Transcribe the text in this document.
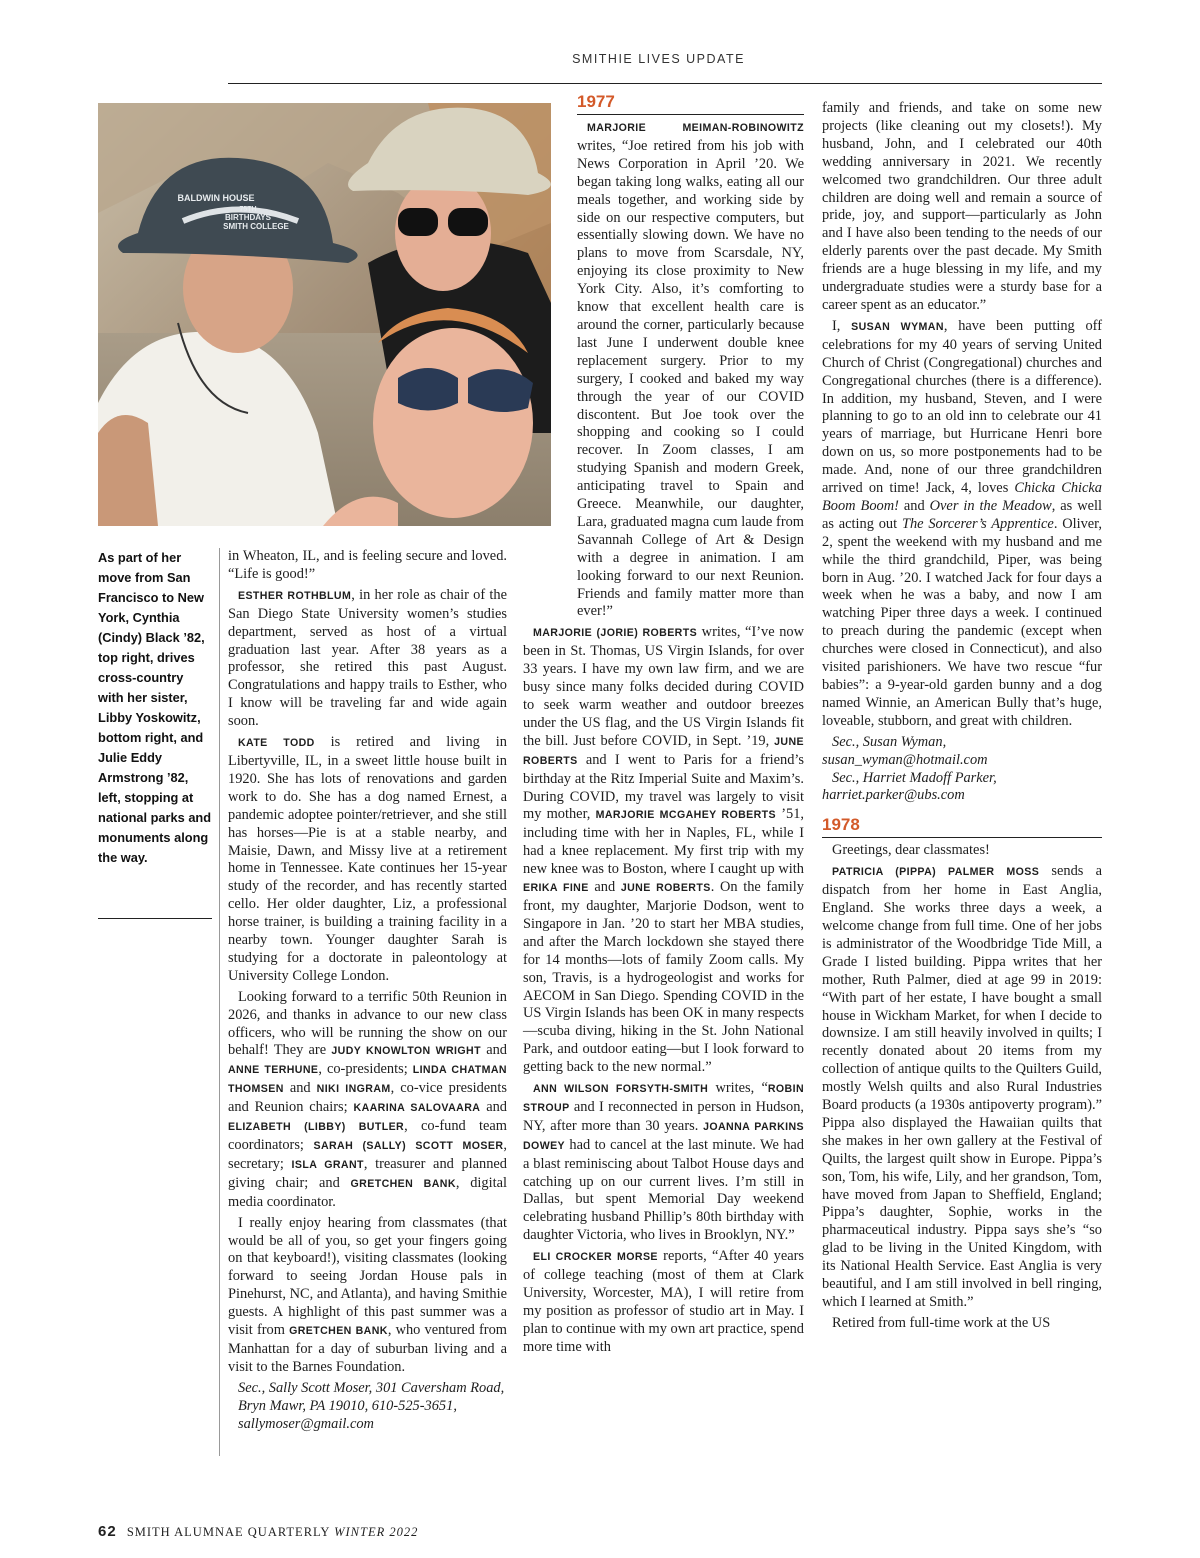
SMITHIE LIVES UPDATE
BALDWIN HOUSE
75TH
BIRTHDAYS
SMITH COLLEGE
As part of her move from San Francisco to New York, Cynthia (Cindy) Black ’82, top right, drives cross-country with her sister, Libby Yoskowitz, bottom right, and Julie Eddy Armstrong ’82, left, stopping at national parks and monuments along the way.

in Wheaton, IL, and is feeling secure and loved. “Life is good!”

ESTHER ROTHBLUM, in her role as chair of the San Diego State University women’s studies department, served as host of a virtual graduation last year. After 38 years as a professor, she retired this past August. Congratulations and happy trails to Esther, who I know will be traveling far and wide again soon.

KATE TODD is retired and living in Libertyville, IL, in a sweet little house built in 1920. She has lots of renovations and garden work to do. She has a dog named Ernest, a pandemic adoptee pointer/retriever, and she still has horses—Pie is at a stable nearby, and Maisie, Dawn, and Missy live at a retirement home in Tennessee. Kate continues her 15-year study of the recorder, and has recently started cello. Her older daughter, Liz, a professional horse trainer, is building a training facility in a nearby town. Younger daughter Sarah is studying for a doctorate in paleontology at University College London.

Looking forward to a terrific 50th Reunion in 2026, and thanks in advance to our new class officers, who will be running the show on our behalf! They are JUDY KNOWLTON WRIGHT and ANNE TERHUNE, co-presidents; LINDA CHATMAN THOMSEN and NIKI INGRAM, co-vice presidents and Reunion chairs; KAARINA SALOVAARA and ELIZABETH (LIBBY) BUTLER, co-fund team coordinators; SARAH (SALLY) SCOTT MOSER, secretary; ISLA GRANT, treasurer and planned giving chair; and GRETCHEN BANK, digital media coordinator.

I really enjoy hearing from classmates (that would be all of you, so get your fingers going on that keyboard!), visiting classmates (looking forward to seeing Jordan House pals in Pinehurst, NC, and Atlanta), and having Smithie guests. A highlight of this past summer was a visit from GRETCHEN BANK, who ventured from Manhattan for a day of suburban living and a visit to the Barnes Foundation.

Sec., Sally Scott Moser, 301 Caversham Road, Bryn Mawr, PA 19010, 610-525-3651, sallymoser@gmail.com

1977

MARJORIE MEIMAN-ROBINOWITZ writes, “Joe retired from his job with News Corporation in April ’20. We began taking long walks, eating all our meals together, and working side by side on our respective computers, but essentially slowing down. We have no plans to move from Scarsdale, NY, enjoying its close proximity to New York City. Also, it’s comforting to know that excellent health care is around the corner, particularly because last June I underwent double knee replacement surgery. Prior to my surgery, I cooked and baked my way through the year of our COVID discontent. But Joe took over the shopping and cooking so I could recover. In Zoom classes, I am studying Spanish and modern Greek, anticipating travel to Spain and Greece. Meanwhile, our daughter, Lara, graduated magna cum laude from Savannah College of Art & Design with a degree in animation. I am looking forward to our next Reunion. Friends and family matter more than ever!”

MARJORIE (JORIE) ROBERTS writes, “I’ve now been in St. Thomas, US Virgin Islands, for over 33 years. I have my own law firm, and we are busy since many folks decided during COVID to seek warm weather and outdoor breezes under the US flag, and the US Virgin Islands fit the bill. Just before COVID, in Sept. ’19, JUNE ROBERTS and I went to Paris for a friend’s birthday at the Ritz Imperial Suite and Maxim’s. During COVID, my travel was largely to visit my mother, MARJORIE MCGAHEY ROBERTS ’51, including time with her in Naples, FL, while I had a knee replacement. My first trip with my new knee was to Boston, where I caught up with ERIKA FINE and JUNE ROBERTS. On the family front, my daughter, Marjorie Dodson, went to Singapore in Jan. ’20 to start her MBA studies, and after the March lockdown she stayed there for 14 months—lots of family Zoom calls. My son, Travis, is a hydrogeologist and works for AECOM in San Diego. Spending COVID in the US Virgin Islands has been OK in many respects—scuba diving, hiking in the St. John National Park, and outdoor eating—but I look forward to getting back to the new normal.”

ANN WILSON FORSYTH-SMITH writes, “ROBIN STROUP and I reconnected in person in Hudson, NY, after more than 30 years. JOANNA PARKINS DOWEY had to cancel at the last minute. We had a blast reminiscing about Talbot House days and catching up on our current lives. I’m still in Dallas, but spent Memorial Day weekend celebrating husband Phillip’s 80th birthday with daughter Victoria, who lives in Brooklyn, NY.”

ELI CROCKER MORSE reports, “After 40 years of college teaching (most of them at Clark University, Worcester, MA), I will retire from my position as professor of studio art in May. I plan to continue with my own art practice, spend more time with

family and friends, and take on some new projects (like cleaning out my closets!). My husband, John, and I celebrated our 40th wedding anniversary in 2021. We recently welcomed two grandchildren. Our three adult children are doing well and remain a source of pride, joy, and support—particularly as John and I have also been tending to the needs of our elderly parents over the past decade. My Smith friends are a huge blessing in my life, and my undergraduate studies were a sturdy base for a career spent as an educator.”

I, SUSAN WYMAN, have been putting off celebrations for my 40 years of serving United Church of Christ (Congregational) churches and Congregational churches (there is a difference). In addition, my husband, Steven, and I were planning to go to an old inn to celebrate our 41 years of marriage, but Hurricane Henri bore down on us, so more postponements had to be made. And, none of our three grandchildren arrived on time! Jack, 4, loves Chicka Chicka Boom Boom! and Over in the Meadow, as well as acting out The Sorcerer’s Apprentice. Oliver, 2, spent the weekend with my husband and me while the third grandchild, Piper, was being born in Aug. ’20. I watched Jack for four days a week when he was a baby, and now I am watching Piper three days a week. I continued to preach during the pandemic (except when churches were closed in Connecticut), and also visited parishioners. We have two rescue “fur babies”: a 9-year-old garden bunny and a dog named Winnie, an American Bully that’s huge, loveable, stubborn, and great with children.

Sec., Susan Wyman,

susan_wyman@hotmail.com

Sec., Harriet Madoff Parker,

harriet.parker@ubs.com

1978

Greetings, dear classmates!

PATRICIA (PIPPA) PALMER MOSS sends a dispatch from her home in East Anglia, England. She works three days a week, a welcome change from full time. One of her jobs is administrator of the Woodbridge Tide Mill, a Grade I listed building. Pippa writes that her mother, Ruth Palmer, died at age 99 in 2019: “With part of her estate, I have bought a small house in Wickham Market, for when I decide to downsize. I am still heavily involved in quilts; I recently donated about 20 items from my collection of antique quilts to the Quilters Guild, mostly Welsh quilts and also Rural Industries Board products (a 1930s antipoverty program).” Pippa also displayed the Hawaiian quilts that she makes in her own gallery at the Festival of Quilts, the largest quilt show in Europe. Pippa’s son, Tom, his wife, Lily, and her grandson, Tom, have moved from Japan to Sheffield, England; Pippa’s daughter, Sophie, works in the pharmaceutical industry. Pippa says she’s “so glad to be living in the United Kingdom, with its National Health Service. East Anglia is very beautiful, and I am still involved in bell ringing, which I learned at Smith.”

Retired from full-time work at the US

62 SMITH ALUMNAE QUARTERLY WINTER 2022
